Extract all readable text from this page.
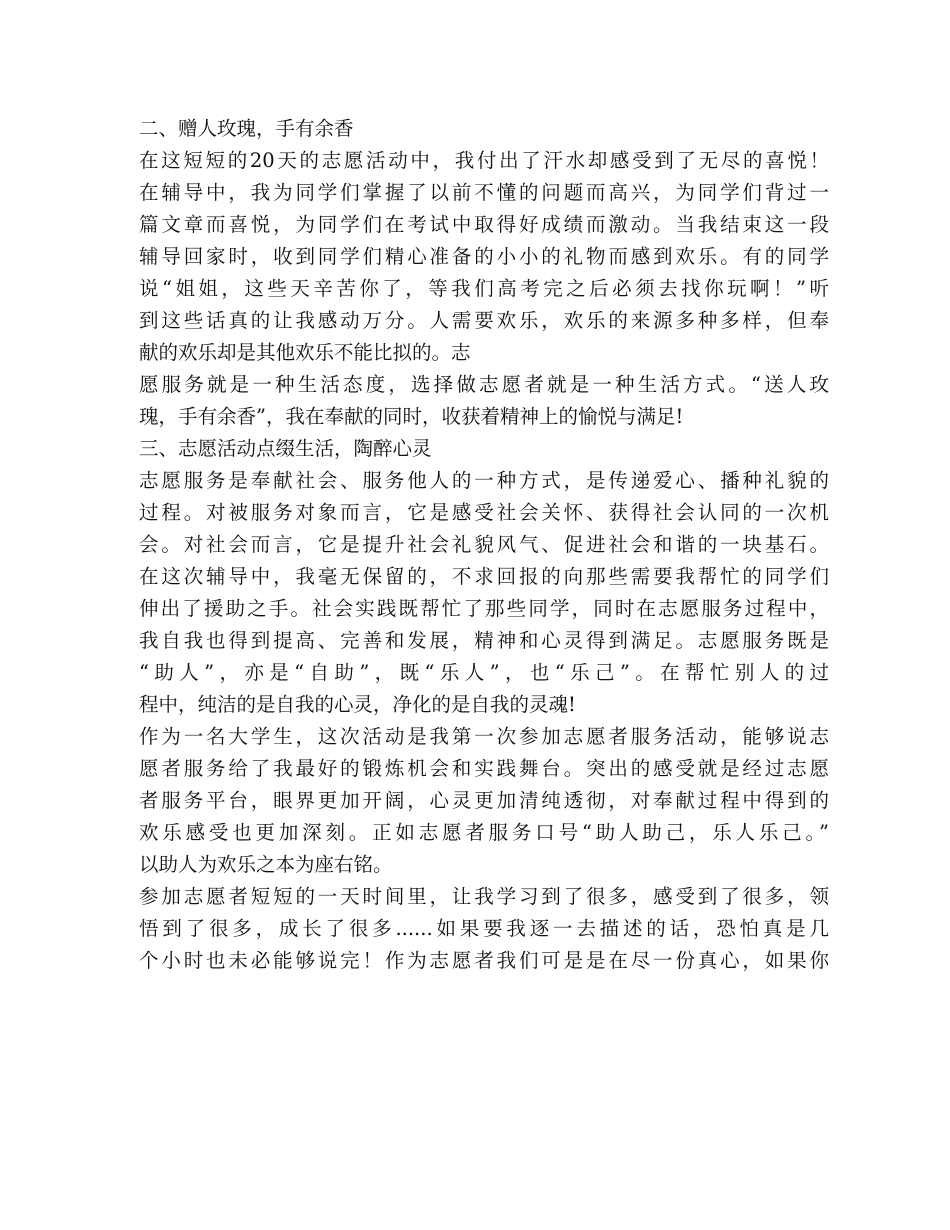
二、赠人玫瑰，手有余香
在这短短的20天的志愿活动中，我付出了汗水却感受到了无尽的喜悦！
在辅导中，我为同学们掌握了以前不懂的问题而高兴，为同学们背过一
篇文章而喜悦，为同学们在考试中取得好成绩而激动。当我结束这一段
辅导回家时，收到同学们精心准备的小小的礼物而感到欢乐。有的同学
说“姐姐，这些天辛苦你了，等我们高考完之后必须去找你玩啊！”听
到这些话真的让我感动万分。人需要欢乐，欢乐的来源多种多样，但奉
献的欢乐却是其他欢乐不能比拟的。志
愿服务就是一种生活态度，选择做志愿者就是一种生活方式。“送人玫
瑰，手有余香”，我在奉献的同时，收获着精神上的愉悦与满足!
三、志愿活动点缀生活，陶醉心灵
志愿服务是奉献社会、服务他人的一种方式，是传递爱心、播种礼貌的
过程。对被服务对象而言，它是感受社会关怀、获得社会认同的一次机
会。对社会而言，它是提升社会礼貌风气、促进社会和谐的一块基石。
在这次辅导中，我毫无保留的，不求回报的向那些需要我帮忙的同学们
伸出了援助之手。社会实践既帮忙了那些同学，同时在志愿服务过程中，
我自我也得到提高、完善和发展，精神和心灵得到满足。志愿服务既是
“助人”，亦是“自助”，既“乐人”，也“乐己”。在帮忙别人的过
程中，纯洁的是自我的心灵，净化的是自我的灵魂!
作为一名大学生，这次活动是我第一次参加志愿者服务活动，能够说志
愿者服务给了我最好的锻炼机会和实践舞台。突出的感受就是经过志愿
者服务平台，眼界更加开阔，心灵更加清纯透彻，对奉献过程中得到的
欢乐感受也更加深刻。正如志愿者服务口号“助人助己，乐人乐己。”
以助人为欢乐之本为座右铭。
参加志愿者短短的一天时间里，让我学习到了很多，感受到了很多，领
悟到了很多，成长了很多......如果要我逐一去描述的话，恐怕真是几
个小时也未必能够说完！作为志愿者我们可是是在尽一份真心，如果你
